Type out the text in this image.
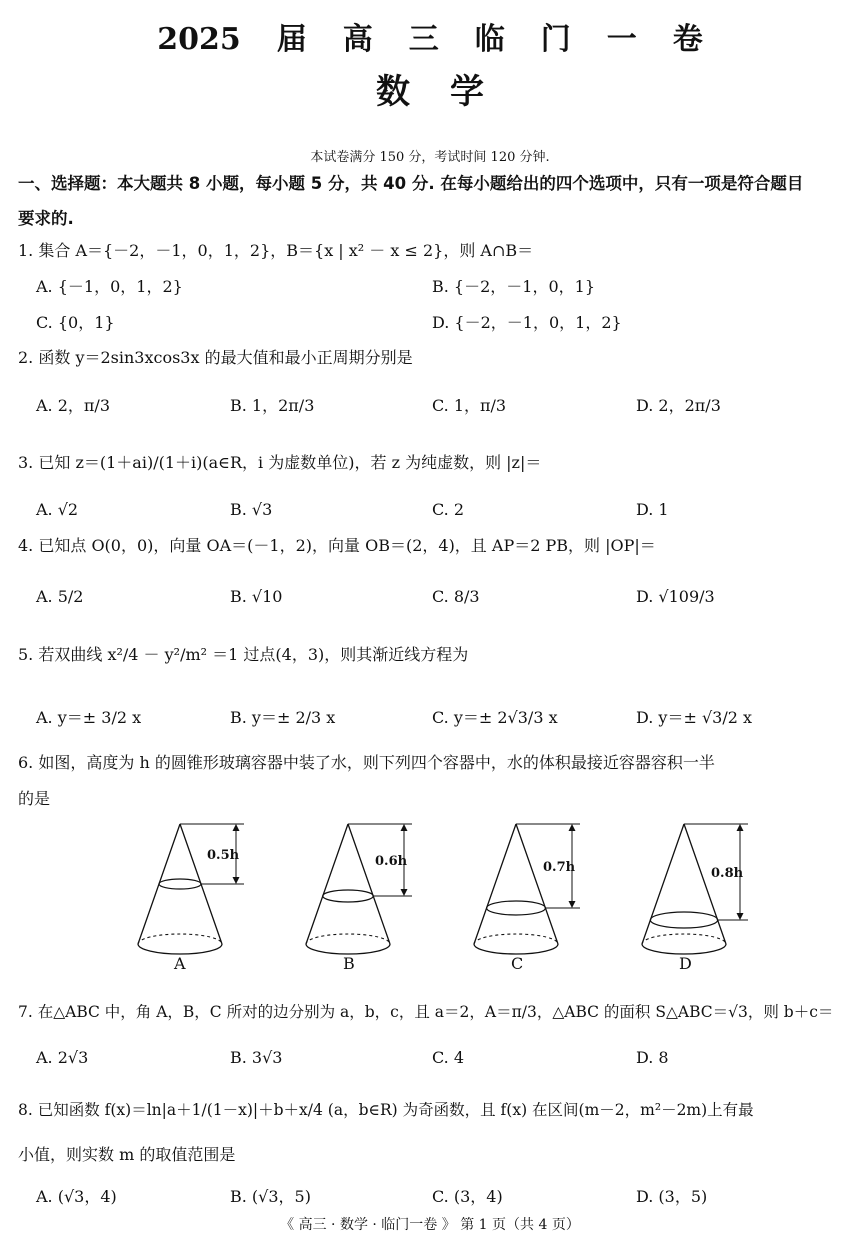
2025 届 高 三 临 门 一 卷
数 学
本试卷满分 150 分，考试时间 120 分钟.
一、选择题：本大题共 8 小题，每小题 5 分，共 40 分. 在每小题给出的四个选项中，只有一项是符合题目
要求的.
1. 集合 A＝{－2，－1，0，1，2}，B＝{x | x² － x ≤ 2}，则 A∩B＝
A. {－1，0，1，2}	B. {－2，－1，0，1}
C. {0，1}	D. {－2，－1，0，1，2}
2. 函数 y＝2sin3xcos3x 的最大值和最小正周期分别是
A. 2，π/3	B. 1，2π/3	C. 1，π/3	D. 2，2π/3
3. 已知 z＝(1＋ai)/(1＋i)(a∈R，i 为虚数单位)，若 z 为纯虚数，则 |z|＝
A. √2	B. √3	C. 2	D. 1
4. 已知点 O(0，0)，向量 OA＝(－1，2)，向量 OB＝(2，4)，且 AP＝2 PB，则 |OP|＝
A. 5/2	B. √10	C. 8/3	D. √109/3
5. 若双曲线 x²/4 － y²/m² ＝1 过点(4，3)，则其渐近线方程为
A. y＝± 3/2 x	B. y＝± 2/3 x	C. y＝± 2√3/3 x	D. y＝± √3/2 x
6. 如图，高度为 h 的圆锥形玻璃容器中装了水，则下列四个容器中，水的体积最接近容器容积一半
的是
0.5h	0.6h	0.7h	0.8h
A	B	C	D
7. 在△ABC 中，角 A，B，C 所对的边分别为 a，b，c，且 a＝2，A＝π/3，△ABC 的面积 S△ABC＝√3，则 b＋c＝
A. 2√3	B. 3√3	C. 4	D. 8
8. 已知函数 f(x)＝ln|a＋1/(1－x)|＋b＋x/4 (a，b∈R) 为奇函数，且 f(x) 在区间(m－2，m²－2m)上有最
小值，则实数 m 的取值范围是
A. (√3，4)	B. (√3，5)	C. (3，4)	D. (3，5)
《 高三 · 数学 · 临门一卷 》 第 1 页（共 4 页）
